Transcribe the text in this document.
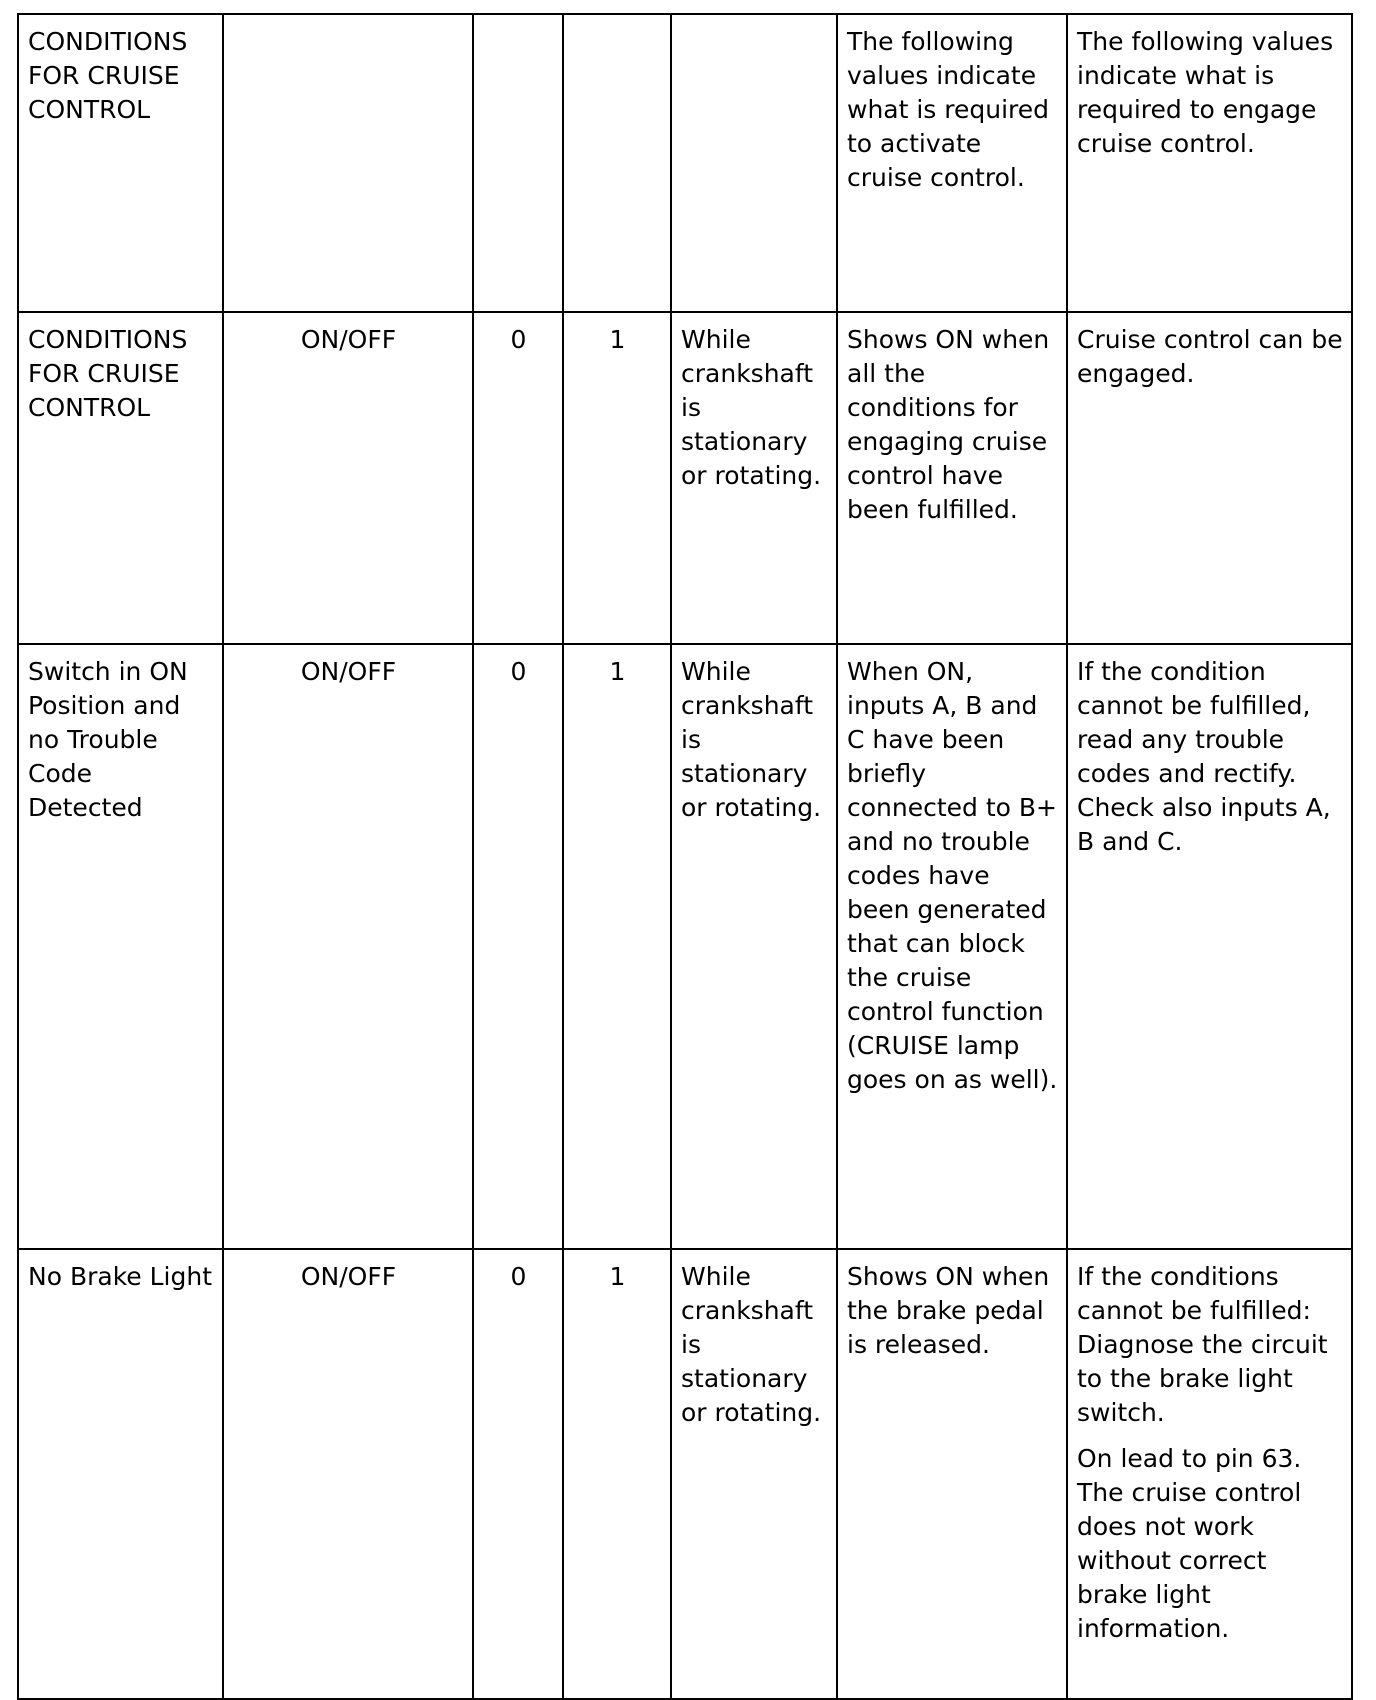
CONDITIONS FOR CRUISE CONTROL					The following values indicate what is required to activate cruise control.	The following values indicate what is required to engage cruise control.

CONDITIONS FOR CRUISE CONTROL	ON/OFF	0	1	While crankshaft is stationary or rotating.	Shows ON when all the conditions for engaging cruise control have been fulfilled.	Cruise control can be engaged.

Switch in ON Position and no Trouble Code Detected	ON/OFF	0	1	While crankshaft is stationary or rotating.	When ON, inputs A, B and C have been briefly connected to B+ and no trouble codes have been generated that can block the cruise control function (CRUISE lamp goes on as well).	If the condition cannot be fulfilled, read any trouble codes and rectify. Check also inputs A, B and C.

No Brake Light	ON/OFF	0	1	While crankshaft is stationary or rotating.	Shows ON when the brake pedal is released.	If the conditions cannot be fulfilled: Diagnose the circuit to the brake light switch.
On lead to pin 63. The cruise control does not work without correct brake light information.
